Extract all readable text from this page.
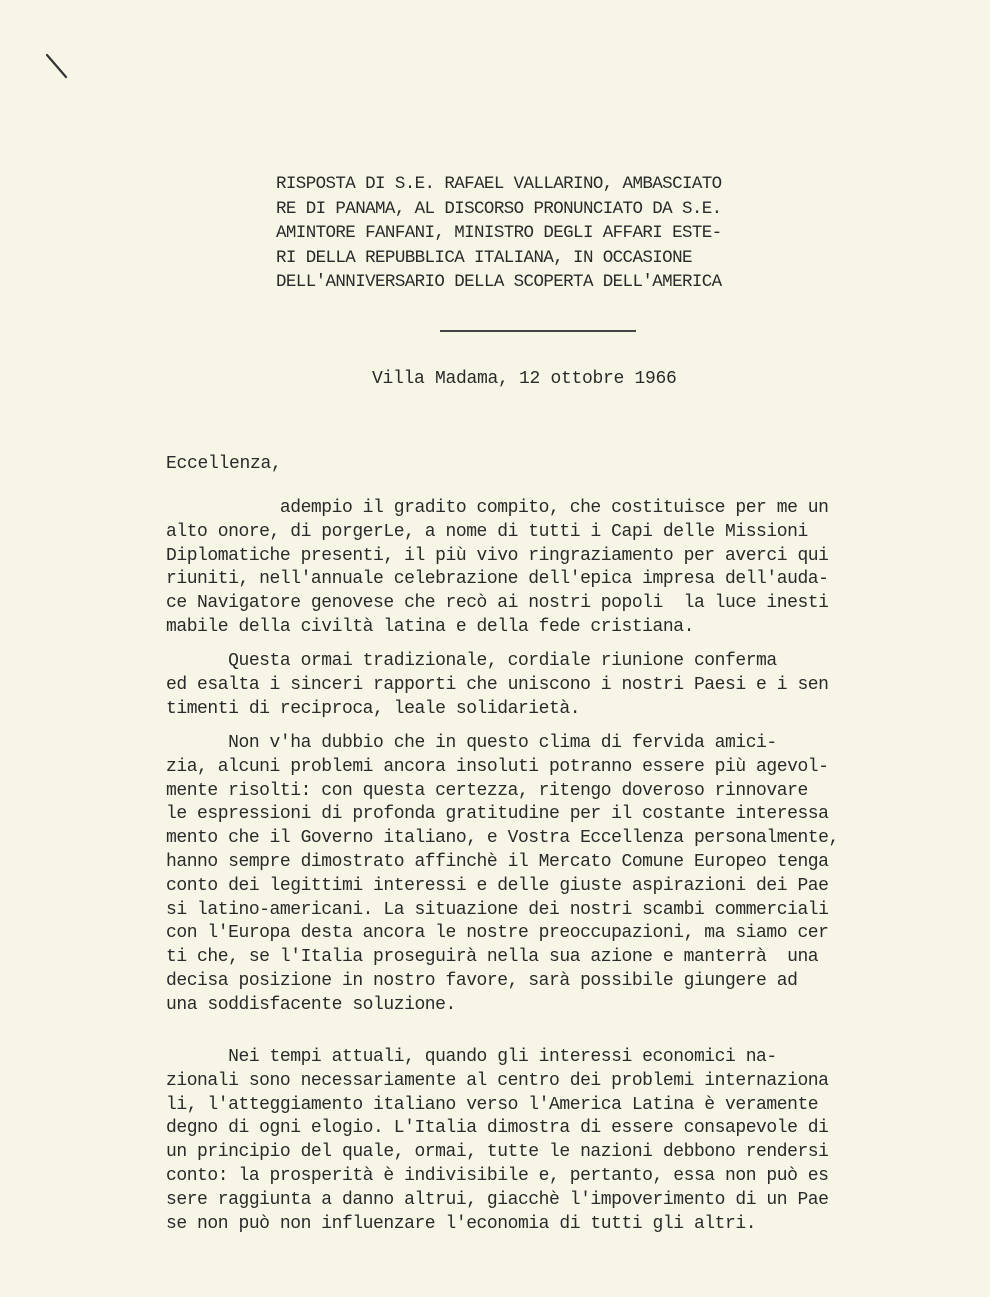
RISPOSTA DI S.E. RAFAEL VALLARINO, AMBASCIATO
RE DI PANAMA, AL DISCORSO PRONUNCIATO DA S.E.
AMINTORE FANFANI, MINISTRO DEGLI AFFARI ESTE-
RI DELLA REPUBBLICA ITALIANA, IN OCCASIONE
DELL'ANNIVERSARIO DELLA SCOPERTA DELL'AMERICA
Villa Madama, 12 ottobre 1966
Eccellenza,
adempio il gradito compito, che costituisce per me un
alto onore, di porgerLe, a nome di tutti i Capi delle Missioni
Diplomatiche presenti, il più vivo ringraziamento per averci qui
riuniti, nell'annuale celebrazione dell'epica impresa dell'auda-
ce Navigatore genovese che recò ai nostri popoli  la luce inesti
mabile della civiltà latina e della fede cristiana.
Questa ormai tradizionale, cordiale riunione conferma
ed esalta i sinceri rapporti che uniscono i nostri Paesi e i sen
timenti di reciproca, leale solidarietà.
Non v'ha dubbio che in questo clima di fervida amici-
zia, alcuni problemi ancora insoluti potranno essere più agevol-
mente risolti: con questa certezza, ritengo doveroso rinnovare
le espressioni di profonda gratitudine per il costante interessa
mento che il Governo italiano, e Vostra Eccellenza personalmente,
hanno sempre dimostrato affinchè il Mercato Comune Europeo tenga
conto dei legittimi interessi e delle giuste aspirazioni dei Pae
si latino-americani. La situazione dei nostri scambi commerciali
con l'Europa desta ancora le nostre preoccupazioni, ma siamo cer
ti che, se l'Italia proseguirà nella sua azione e manterrà  una
decisa posizione in nostro favore, sarà possibile giungere ad
una soddisfacente soluzione.
Nei tempi attuali, quando gli interessi economici na-
zionali sono necessariamente al centro dei problemi internaziona
li, l'atteggiamento italiano verso l'America Latina è veramente
degno di ogni elogio. L'Italia dimostra di essere consapevole di
un principio del quale, ormai, tutte le nazioni debbono rendersi
conto: la prosperità è indivisibile e, pertanto, essa non può es
sere raggiunta a danno altrui, giacchè l'impoverimento di un Pae
se non può non influenzare l'economia di tutti gli altri.
